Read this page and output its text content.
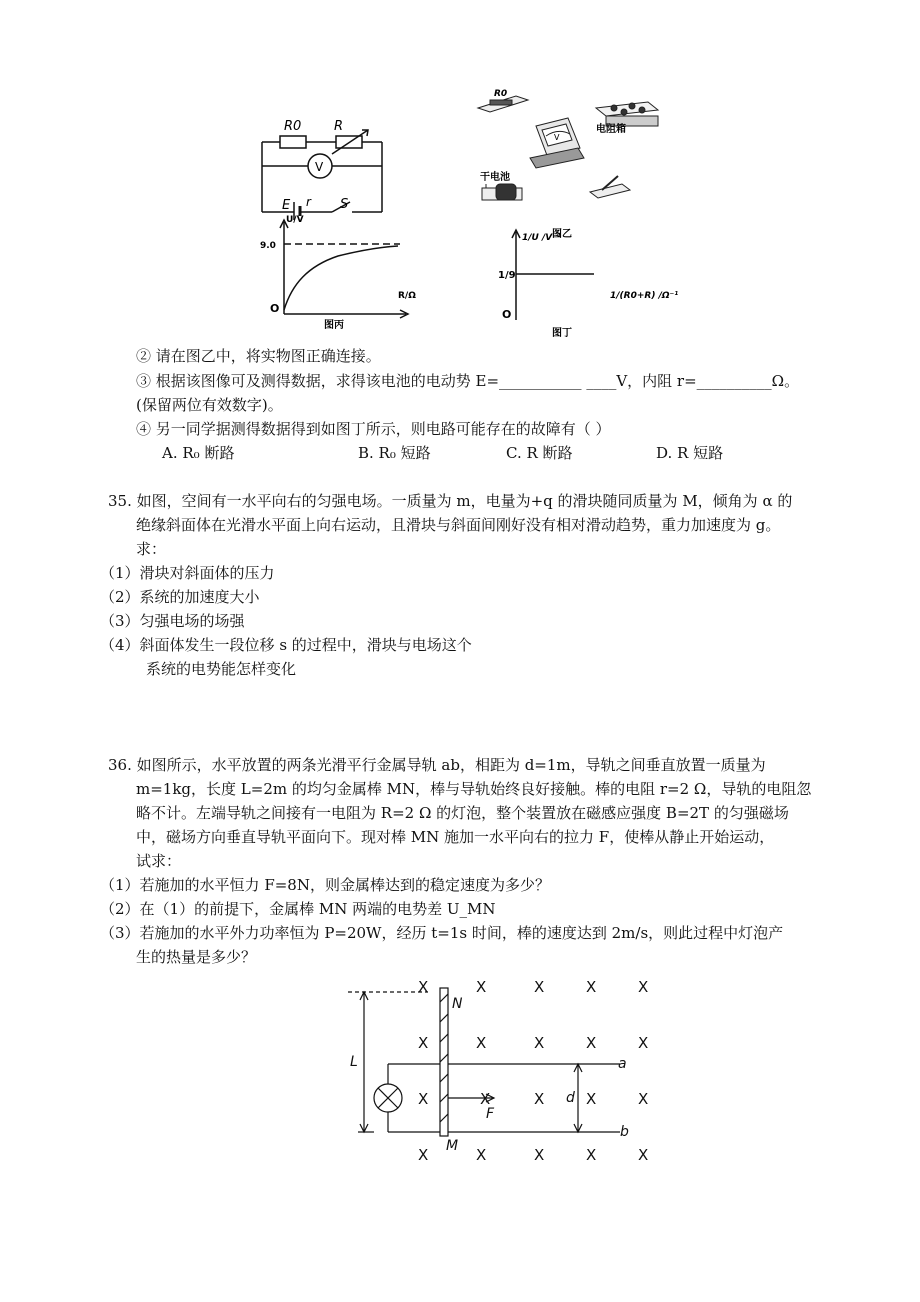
R0	R
V
E r S
U/V
9.0
R/Ω
O
图丙
R0
电阻箱
V
干电池
1/U /V⁻¹
图乙
1/9
1/(R0+R) /Ω⁻¹
O
图丁
② 请在图乙中，将实物图正确连接。
③ 根据该图像可及测得数据，求得该电池的电动势 E=___________ ____V，内阻 r=__________Ω。
(保留两位有效数字)。
④ 另一同学据测得数据得到如图丁所示，则电路可能存在的故障有（ ）
A. R₀ 断路	B. R₀ 短路	C. R 断路	D. R 短路
35. 如图，空间有一水平向右的匀强电场。一质量为 m，电量为+q 的滑块随同质量为 M，倾角为 α 的
绝缘斜面体在光滑水平面上向右运动，且滑块与斜面间刚好没有相对滑动趋势，重力加速度为 g。
求：
（1）滑块对斜面体的压力
（2）系统的加速度大小
（3）匀强电场的场强
（4）斜面体发生一段位移 s 的过程中，滑块与电场这个
系统的电势能怎样变化
36. 如图所示，水平放置的两条光滑平行金属导轨 ab，相距为 d=1m，导轨之间垂直放置一质量为
m=1kg，长度 L=2m 的均匀金属棒 MN，棒与导轨始终良好接触。棒的电阻 r=2 Ω，导轨的电阻忽
略不计。左端导轨之间接有一电阻为 R=2 Ω 的灯泡，整个装置放在磁感应强度 B=2T 的匀强磁场
中，磁场方向垂直导轨平面向下。现对棒 MN 施加一水平向右的拉力 F，使棒从静止开始运动，
试求：
（1）若施加的水平恒力 F=8N，则金属棒达到的稳定速度为多少？
（2）在（1）的前提下，金属棒 MN 两端的电势差 U_MN
（3）若施加的水平外力功率恒为 P=20W，经历 t=1s 时间，棒的速度达到 2m/s，则此过程中灯泡产
生的热量是多少？
X	X	X	X	X
X	X	X	X	X
X	X	X	X	X
X	X	X	X	X
N
M
L
d
F
a
b
